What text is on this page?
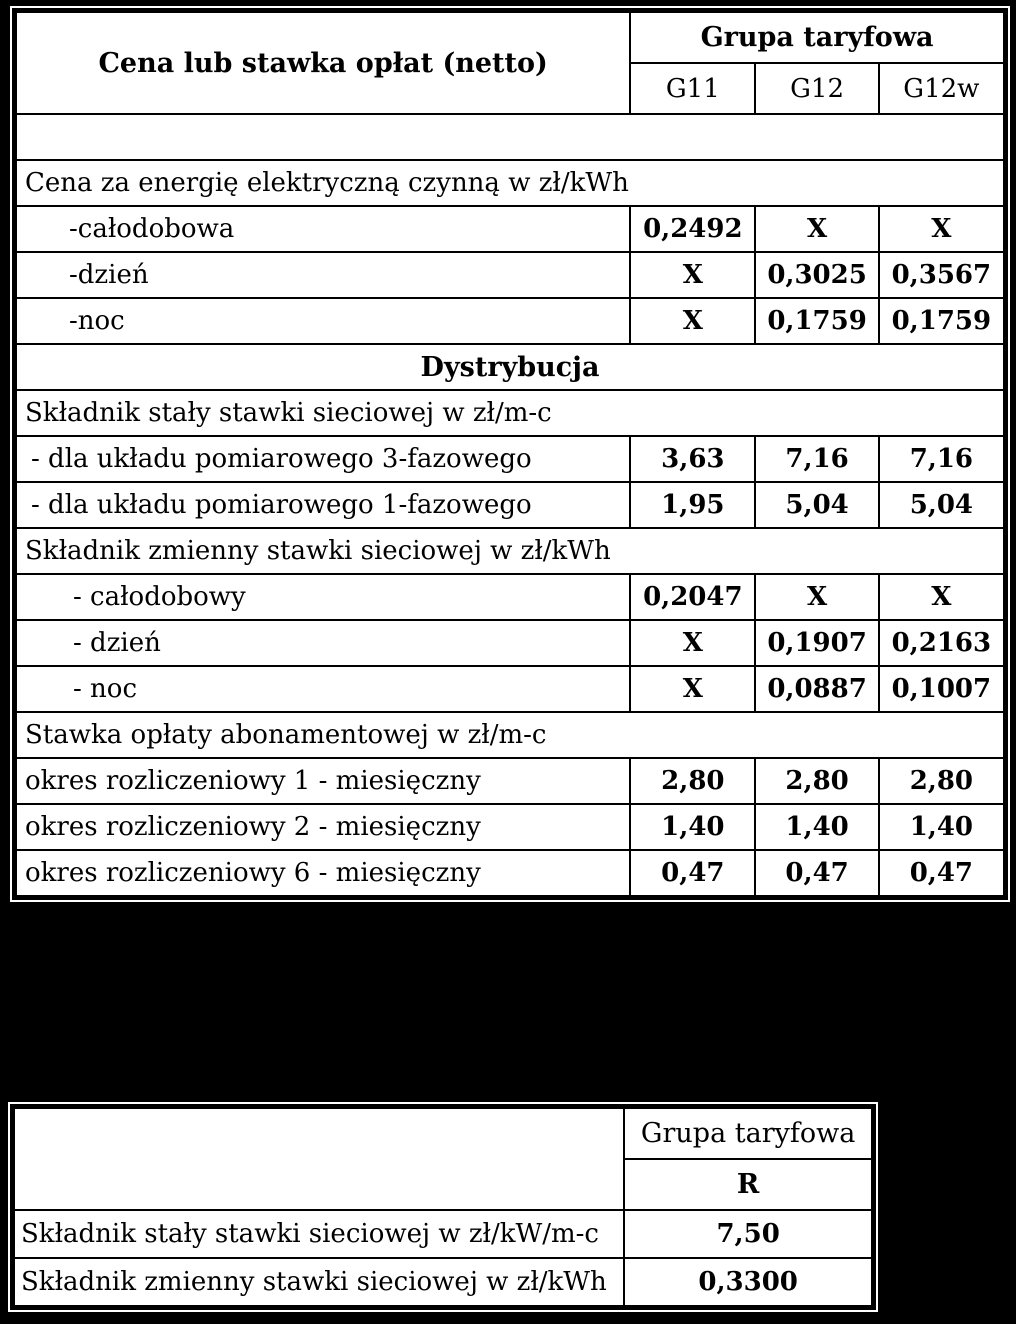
Cena lub stawka opłat (netto)	Grupa taryfowa		
	G11	G12	G12w

Cena za energię elektryczną czynną w zł/kWh			
-całodobowa	0,2492	X	X
-dzień	X	0,3025	0,3567
-noc	X	0,1759	0,1759
Dystrybucja			
Składnik stały stawki sieciowej w zł/m-c			
- dla układu pomiarowego 3-fazowego	3,63	7,16	7,16
- dla układu pomiarowego 1-fazowego	1,95	5,04	5,04
Składnik zmienny stawki sieciowej w zł/kWh			
- całodobowy	0,2047	X	X
- dzień	X	0,1907	0,2163
- noc	X	0,0887	0,1007
Stawka opłaty abonamentowej w zł/m-c			
okres rozliczeniowy 1 - miesięczny	2,80	2,80	2,80
okres rozliczeniowy 2 - miesięczny	1,40	1,40	1,40
okres rozliczeniowy 6 - miesięczny	0,47	0,47	0,47
	Grupa taryfowa
	R
Składnik stały stawki sieciowej w zł/kW/m-c	7,50
Składnik zmienny stawki sieciowej w zł/kWh	0,3300
